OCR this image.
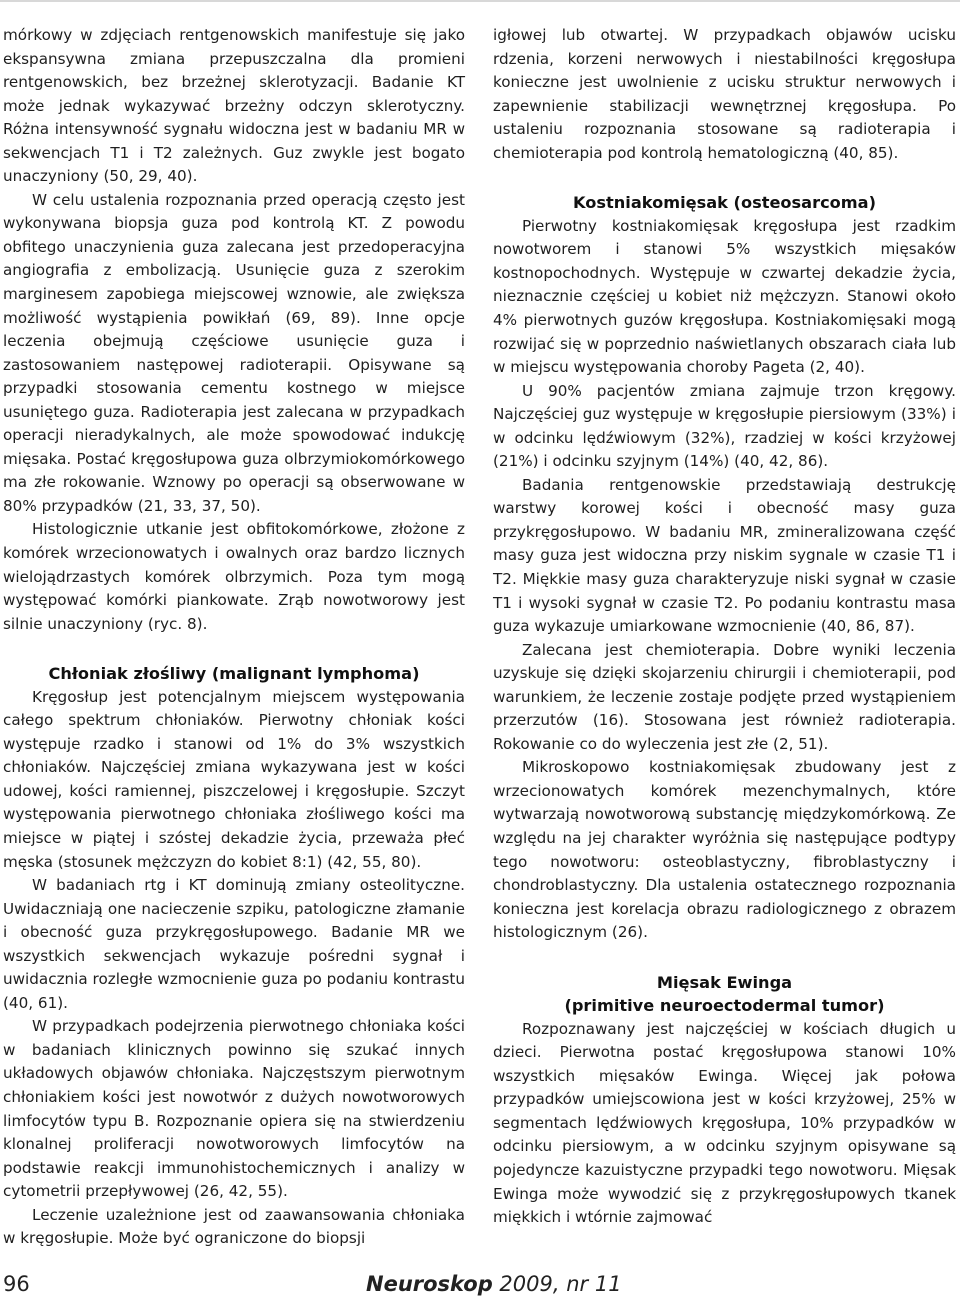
mórkowy w zdjęciach rentgenowskich manifestuje się jako ekspansywna zmiana przepuszczalna dla promieni rentgenowskich, bez brzeżnej sklerotyzacji. Badanie KT może jednak wykazywać brzeżny odczyn sklerotyczny. Różna intensywność sygnału widoczna jest w badaniu MR w sekwencjach T1 i T2 zależnych. Guz zwykle jest bogato unaczyniony (50, 29, 40).

W celu ustalenia rozpoznania przed operacją często jest wykonywana biopsja guza pod kontrolą KT. Z powodu obfitego unaczynienia guza zalecana jest przedoperacyjna angiografia z embolizacją. Usunięcie guza z szerokim marginesem zapobiega miejscowej wznowie, ale zwiększa możliwość wystąpienia powikłań (69, 89). Inne opcje leczenia obejmują częściowe usunięcie guza i zastosowaniem następowej radioterapii. Opisywane są przypadki stosowania cementu kostnego w miejsce usuniętego guza. Radioterapia jest zalecana w przypadkach operacji nieradykalnych, ale może spowodować indukcję mięsaka. Postać kręgosłupowa guza olbrzymiokomórkowego ma złe rokowanie. Wznowy po operacji są obserwowane w 80% przypadków (21, 33, 37, 50).

Histologicznie utkanie jest obfitokomórkowe, złożone z komórek wrzecionowatych i owalnych oraz bardzo licznych wielojądrzastych komórek olbrzymich. Poza tym mogą występować komórki piankowate. Zrąb nowotworowy jest silnie unaczyniony (ryc. 8).

Chłoniak złośliwy (malignant lymphoma)

Kręgosłup jest potencjalnym miejscem występowania całego spektrum chłoniaków. Pierwotny chłoniak kości występuje rzadko i stanowi od 1% do 3% wszystkich chłoniaków. Najczęściej zmiana wykazywana jest w kości udowej, kości ramiennej, piszczelowej i kręgosłupie. Szczyt występowania pierwotnego chłoniaka złośliwego kości ma miejsce w piątej i szóstej dekadzie życia, przeważa płeć męska (stosunek mężczyzn do kobiet 8:1) (42, 55, 80).

W badaniach rtg i KT dominują zmiany osteolityczne. Uwidaczniają one nacieczenie szpiku, patologiczne złamanie i obecność guza przykręgosłupowego. Badanie MR we wszystkich sekwencjach wykazuje pośredni sygnał i uwidacznia rozległe wzmocnienie guza po podaniu kontrastu (40, 61).

W przypadkach podejrzenia pierwotnego chłoniaka kości w badaniach klinicznych powinno się szukać innych układowych objawów chłoniaka. Najczęstszym pierwotnym chłoniakiem kości jest nowotwór z dużych nowotworowych limfocytów typu B. Rozpoznanie opiera się na stwierdzeniu klonalnej proliferacji nowotworowych limfocytów na podstawie reakcji immunohistochemicznych i analizy w cytometrii przepływowej (26, 42, 55).

Leczenie uzależnione jest od zaawansowania chłoniaka w kręgosłupie. Może być ograniczone do biopsji

igłowej lub otwartej. W przypadkach objawów ucisku rdzenia, korzeni nerwowych i niestabilności kręgosłupa konieczne jest uwolnienie z ucisku struktur nerwowych i zapewnienie stabilizacji wewnętrznej kręgosłupa. Po ustaleniu rozpoznania stosowane są radioterapia i chemioterapia pod kontrolą hematologiczną (40, 85).

Kostniakomięsak (osteosarcoma)

Pierwotny kostniakomięsak kręgosłupa jest rzadkim nowotworem i stanowi 5% wszystkich mięsaków kostnopochodnych. Występuje w czwartej dekadzie życia, nieznacznie częściej u kobiet niż mężczyzn. Stanowi około 4% pierwotnych guzów kręgosłupa. Kostniakomięsaki mogą rozwijać się w poprzednio naświetlanych obszarach ciała lub w miejscu występowania choroby Pageta (2, 40).

U 90% pacjentów zmiana zajmuje trzon kręgowy. Najczęściej guz występuje w kręgosłupie piersiowym (33%) i w odcinku lędźwiowym (32%), rzadziej w kości krzyżowej (21%) i odcinku szyjnym (14%) (40, 42, 86).

Badania rentgenowskie przedstawiają destrukcję warstwy korowej kości i obecność masy guza przykręgosłupowo. W badaniu MR, zmineralizowana część masy guza jest widoczna przy niskim sygnale w czasie T1 i T2. Miękkie masy guza charakteryzuje niski sygnał w czasie T1 i wysoki sygnał w czasie T2. Po podaniu kontrastu masa guza wykazuje umiarkowane wzmocnienie (40, 86, 87).

Zalecana jest chemioterapia. Dobre wyniki leczenia uzyskuje się dzięki skojarzeniu chirurgii i chemioterapii, pod warunkiem, że leczenie zostaje podjęte przed wystąpieniem przerzutów (16). Stosowana jest również radioterapia. Rokowanie co do wyleczenia jest złe (2, 51).

Mikroskopowo kostniakomięsak zbudowany jest z wrzecionowatych komórek mezenchymalnych, które wytwarzają nowotworową substancję międzykomórkową. Ze względu na jej charakter wyróżnia się następujące podtypy tego nowotworu: osteoblastyczny, fibroblastyczny i chondroblastyczny. Dla ustalenia ostatecznego rozpoznania konieczna jest korelacja obrazu radiologicznego z obrazem histologicznym (26).

Mięsak Ewinga
(primitive neuroectodermal tumor)

Rozpoznawany jest najczęściej w kościach długich u dzieci. Pierwotna postać kręgosłupowa stanowi 10% wszystkich mięsaków Ewinga. Więcej jak połowa przypadków umiejscowiona jest w kości krzyżowej, 25% w segmentach lędźwiowych kręgosłupa, 10% przypadków w odcinku piersiowym, a w odcinku szyjnym opisywane są pojedyncze kazuistyczne przypadki tego nowotworu. Mięsak Ewinga może wywodzić się z przykręgosłupowych tkanek miękkich i wtórnie zajmować

96	Neuroskop 2009, nr 11
